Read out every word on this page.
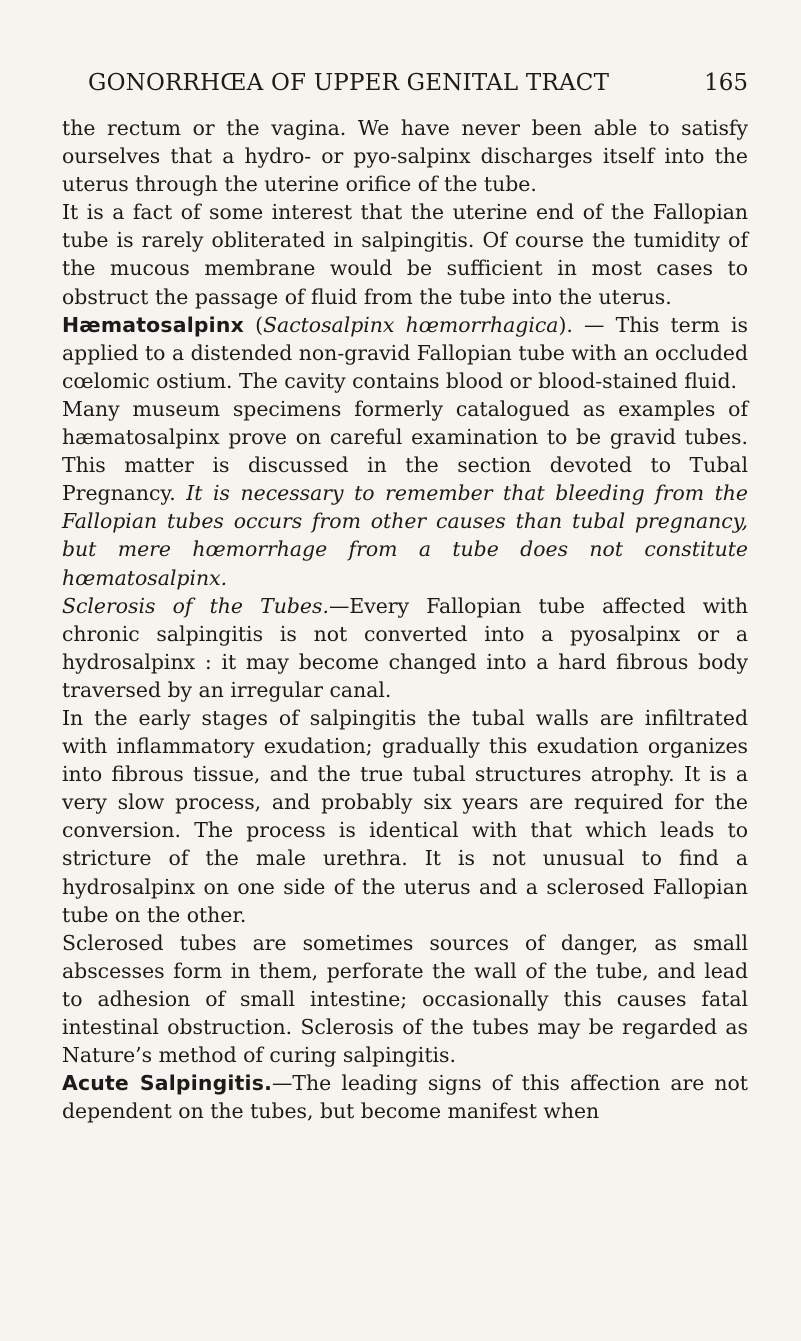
GONORRHŒA OF UPPER GENITAL TRACT	165

the rectum or the vagina. We have never been able to satisfy ourselves that a hydro- or pyo-salpinx discharges itself into the uterus through the uterine orifice of the tube.

It is a fact of some interest that the uterine end of the Fallopian tube is rarely obliterated in salpingitis. Of course the tumidity of the mucous membrane would be sufficient in most cases to obstruct the passage of fluid from the tube into the uterus.

Hæmatosalpinx (Sactosalpinx hœmorrhagica). — This term is applied to a distended non-gravid Fallopian tube with an occluded cœlomic ostium. The cavity contains blood or blood-stained fluid.

Many museum specimens formerly catalogued as examples of hæmatosalpinx prove on careful examination to be gravid tubes. This matter is discussed in the section devoted to Tubal Pregnancy. It is necessary to remember that bleeding from the Fallopian tubes occurs from other causes than tubal pregnancy, but mere hœmorrhage from a tube does not constitute hœmatosalpinx.

Sclerosis of the Tubes.—Every Fallopian tube affected with chronic salpingitis is not converted into a pyosalpinx or a hydrosalpinx : it may become changed into a hard fibrous body traversed by an irregular canal.

In the early stages of salpingitis the tubal walls are infiltrated with inflammatory exudation; gradually this exudation organizes into fibrous tissue, and the true tubal structures atrophy. It is a very slow process, and probably six years are required for the conversion. The process is identical with that which leads to stricture of the male urethra. It is not unusual to find a hydrosalpinx on one side of the uterus and a sclerosed Fallopian tube on the other.

Sclerosed tubes are sometimes sources of danger, as small abscesses form in them, perforate the wall of the tube, and lead to adhesion of small intestine; occasionally this causes fatal intestinal obstruction. Sclerosis of the tubes may be regarded as Nature’s method of curing salpingitis.

Acute Salpingitis.—The leading signs of this affection are not dependent on the tubes, but become manifest when
